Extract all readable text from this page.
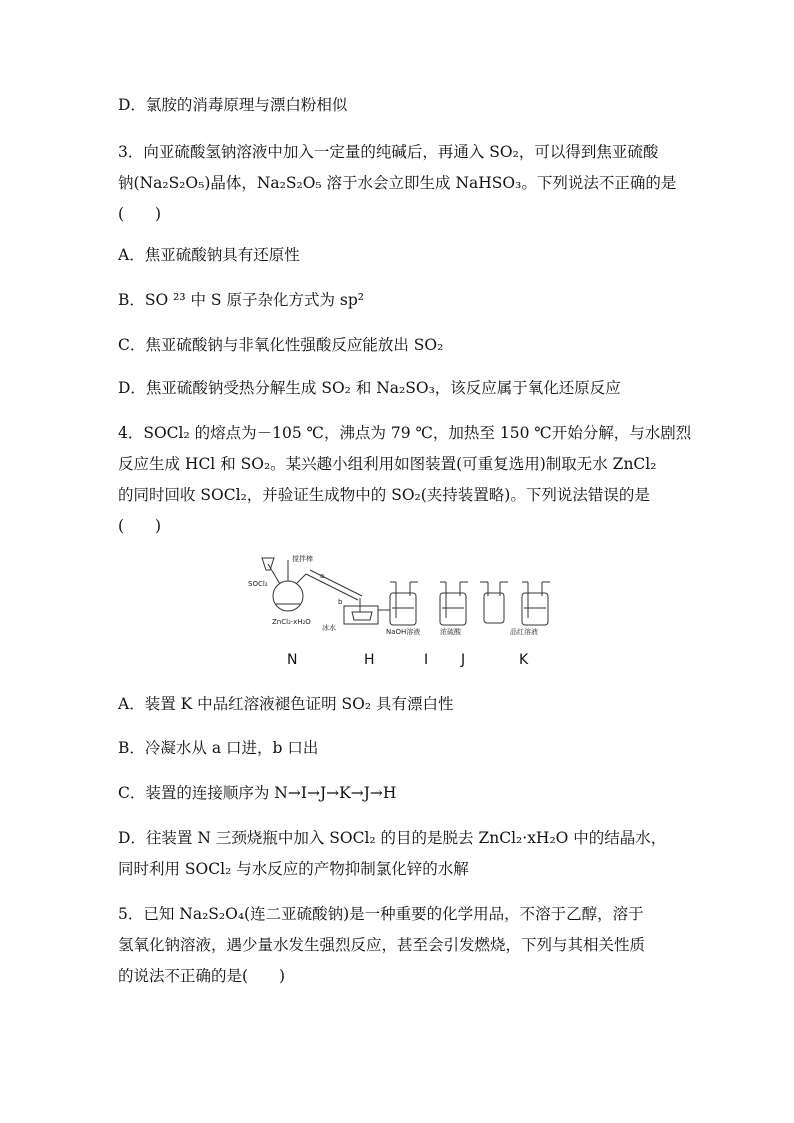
D．氯胺的消毒原理与漂白粉相似
3．向亚硫酸氢钠溶液中加入一定量的纯碱后，再通入 SO₂，可以得到焦亚硫酸
钠(Na₂S₂O₅)晶体，Na₂S₂O₅ 溶于水会立即生成 NaHSO₃。下列说法不正确的是
(　　)
A．焦亚硫酸钠具有还原性
B．SO ²³ 中 S 原子杂化方式为 sp²
C．焦亚硫酸钠与非氧化性强酸反应能放出 SO₂
D．焦亚硫酸钠受热分解生成 SO₂ 和 Na₂SO₃，该反应属于氧化还原反应
4．SOCl₂ 的熔点为－105 ℃，沸点为 79 ℃，加热至 150 ℃开始分解，与水剧烈
反应生成 HCl 和 SO₂。某兴趣小组利用如图装置(可重复选用)制取无水 ZnCl₂
的同时回收 SOCl₂，并验证生成物中的 SO₂(夹持装置略)。下列说法错误的是
(　　)
搅拌棒
SOCl₂
ZnCl₂·xH₂O
a
b
冰水	NaOH溶液	浓硫酸	品红溶液
N	H	I J	K
A．装置 K 中品红溶液褪色证明 SO₂ 具有漂白性
B．冷凝水从 a 口进，b 口出
C．装置的连接顺序为 N→I→J→K→J→H
D．往装置 N 三颈烧瓶中加入 SOCl₂ 的目的是脱去 ZnCl₂·xH₂O 中的结晶水，
同时利用 SOCl₂ 与水反应的产物抑制氯化锌的水解
5．已知 Na₂S₂O₄(连二亚硫酸钠)是一种重要的化学用品，不溶于乙醇，溶于
氢氧化钠溶液，遇少量水发生强烈反应，甚至会引发燃烧，下列与其相关性质
的说法不正确的是(　　)
